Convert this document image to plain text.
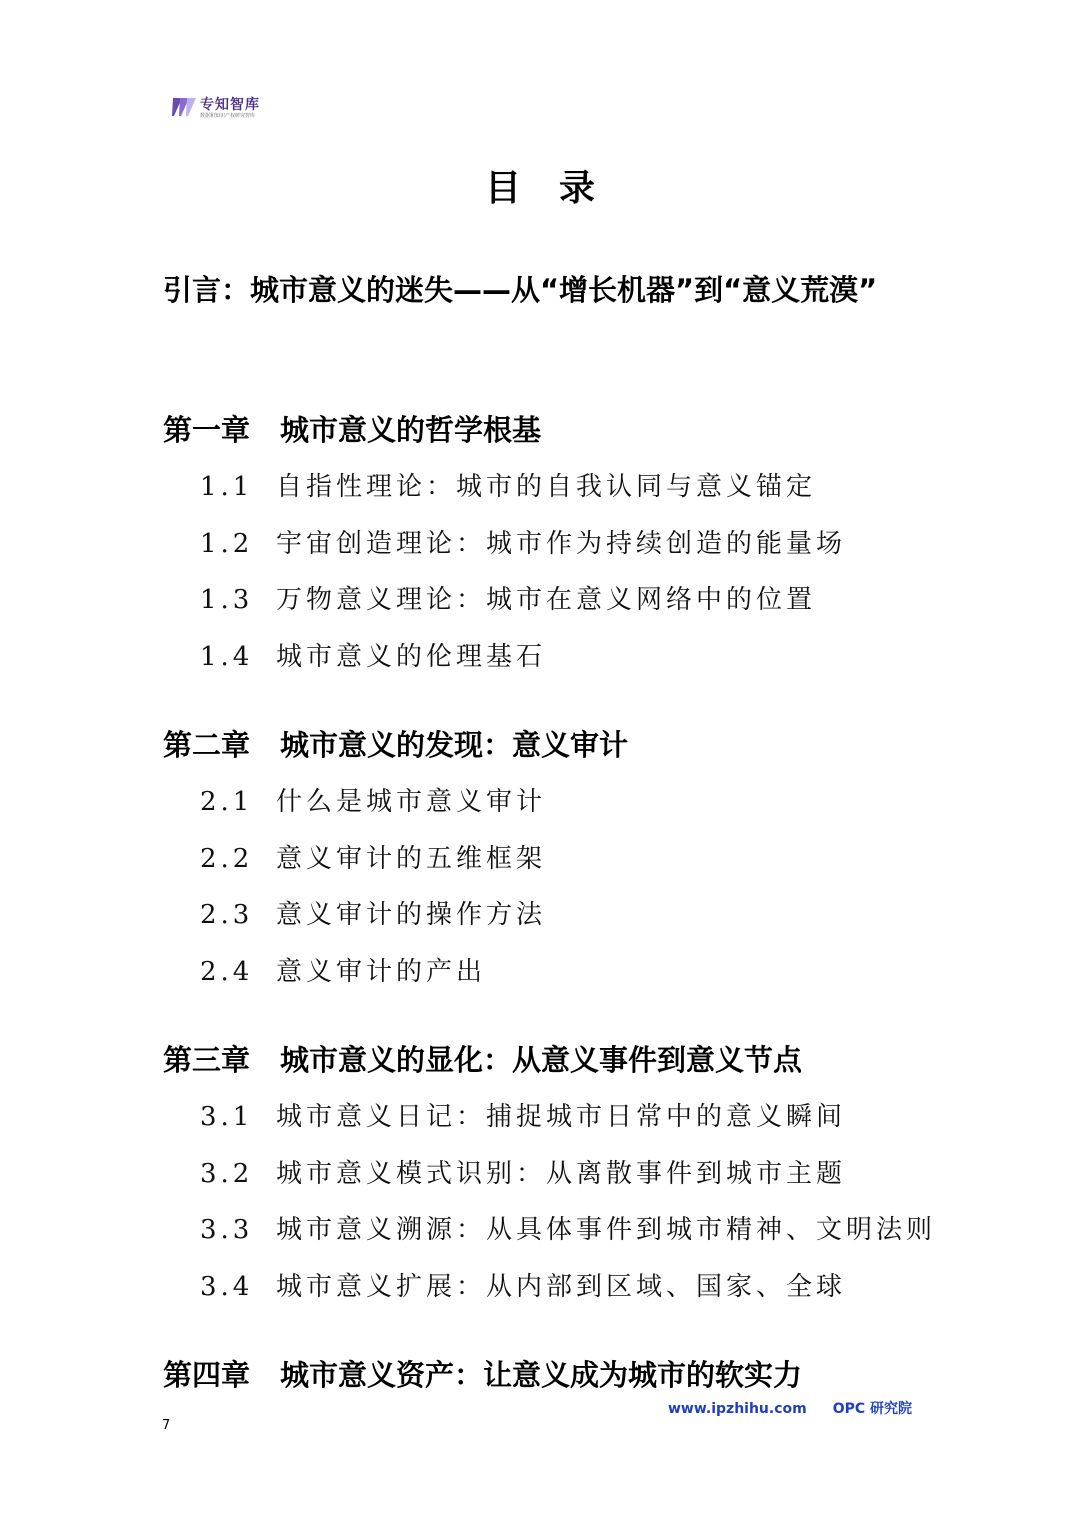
专知智库
数据和知识产权研究智库
目录
引言：城市意义的迷失——从“增长机器”到“意义荒漠”
第一章 城市意义的哲学根基
1.1 自指性理论：城市的自我认同与意义锚定
1.2 宇宙创造理论：城市作为持续创造的能量场
1.3 万物意义理论：城市在意义网络中的位置
1.4 城市意义的伦理基石
第二章 城市意义的发现：意义审计
2.1 什么是城市意义审计
2.2 意义审计的五维框架
2.3 意义审计的操作方法
2.4 意义审计的产出
第三章 城市意义的显化：从意义事件到意义节点
3.1 城市意义日记：捕捉城市日常中的意义瞬间
3.2 城市意义模式识别：从离散事件到城市主题
3.3 城市意义溯源：从具体事件到城市精神、文明法则
3.4 城市意义扩展：从内部到区域、国家、全球
第四章 城市意义资产：让意义成为城市的软实力
www.ipzhihu.com OPC 研究院
7
